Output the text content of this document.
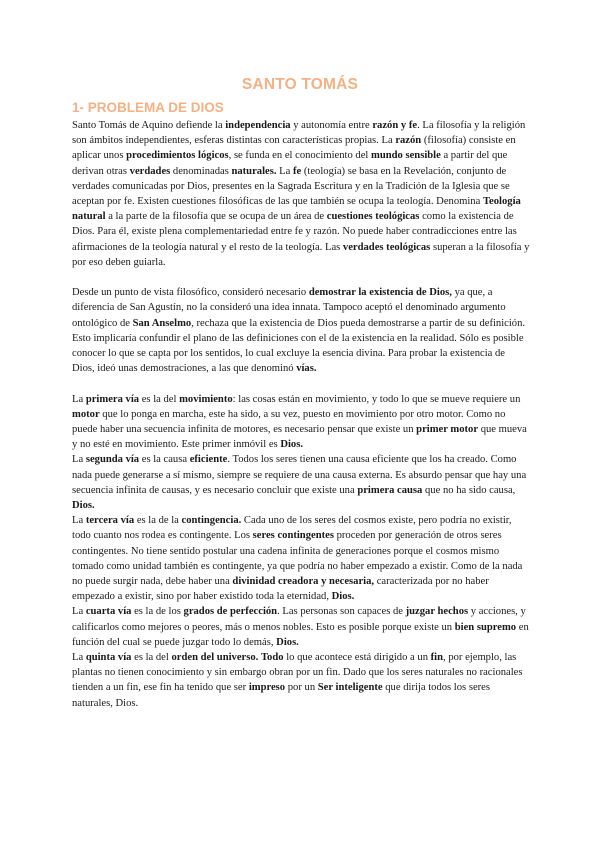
SANTO TOMÁS
1- PROBLEMA DE DIOS

Santo Tomás de Aquino defiende la independencia y autonomía entre razón y fe. La filosofía y la religión son ámbitos independientes, esferas distintas con características propias. La razón (filosofía) consiste en aplicar unos procedimientos lógicos, se funda en el conocimiento del mundo sensible a partir del que derivan otras verdades denominadas naturales. La fe (teología) se basa en la Revelación, conjunto de verdades comunicadas por Dios, presentes en la Sagrada Escritura y en la Tradición de la Iglesia que se aceptan por fe. Existen cuestiones filosóficas de las que también se ocupa la teología. Denomina Teología natural a la parte de la filosofía que se ocupa de un área de cuestiones teológicas como la existencia de Dios. Para él, existe plena complementariedad entre fe y razón. No puede haber contradicciones entre las afirmaciones de la teología natural y el resto de la teología. Las verdades teológicas superan a la filosofía y por eso deben guiarla.

Desde un punto de vista filosófico, consideró necesario demostrar la existencia de Dios, ya que, a diferencia de San Agustín, no la consideró una idea innata. Tampoco aceptó el denominado argumento ontológico de San Anselmo, rechaza que la existencia de Dios pueda demostrarse a partir de su definición. Esto implicaría confundir el plano de las definiciones con el de la existencia en la realidad. Sólo es posible conocer lo que se capta por los sentidos, lo cual excluye la esencia divina. Para probar la existencia de Dios, ideó unas demostraciones, a las que denominó vías.

La primera vía es la del movimiento: las cosas están en movimiento, y todo lo que se mueve requiere un motor que lo ponga en marcha, este ha sido, a su vez, puesto en movimiento por otro motor. Como no puede haber una secuencia infinita de motores, es necesario pensar que existe un primer motor que mueva y no esté en movimiento. Este primer inmóvil es Dios.

La segunda vía es la causa eficiente. Todos los seres tienen una causa eficiente que los ha creado. Como nada puede generarse a sí mismo, siempre se requiere de una causa externa. Es absurdo pensar que hay una secuencia infinita de causas, y es necesario concluir que existe una primera causa que no ha sido causa, Dios.

La tercera vía es la de la contingencia. Cada uno de los seres del cosmos existe, pero podría no existir, todo cuanto nos rodea es contingente. Los seres contingentes proceden por generación de otros seres contingentes. No tiene sentido postular una cadena infinita de generaciones porque el cosmos mismo tomado como unidad también es contingente, ya que podría no haber empezado a existir. Como de la nada no puede surgir nada, debe haber una divinidad creadora y necesaria, caracterizada por no haber empezado a existir, sino por haber existido toda la eternidad, Dios.

La cuarta vía es la de los grados de perfección. Las personas son capaces de juzgar hechos y acciones, y calificarlos como mejores o peores, más o menos nobles. Esto es posible porque existe un bien supremo en función del cual se puede juzgar todo lo demás, Dios.

La quinta vía es la del orden del universo. Todo lo que acontece está dirigido a un fin, por ejemplo, las plantas no tienen conocimiento y sin embargo obran por un fin. Dado que los seres naturales no racionales tienden a un fin, ese fin ha tenido que ser impreso por un Ser inteligente que dirija todos los seres naturales, Dios.
